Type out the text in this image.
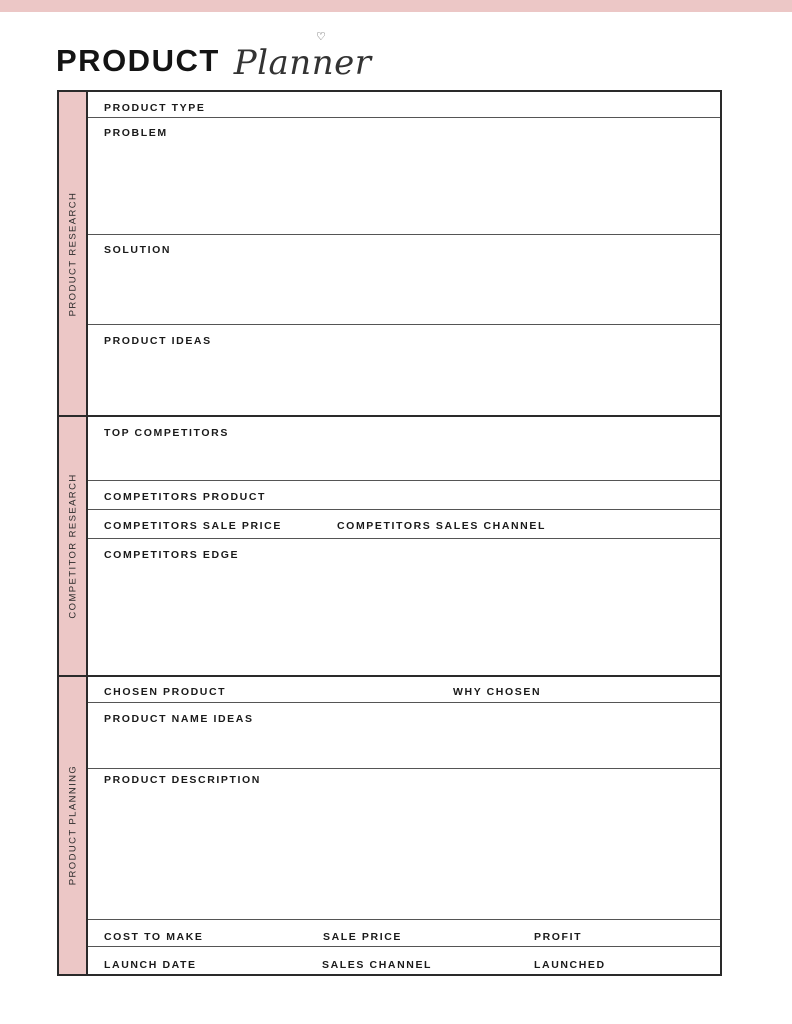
PRODUCT Planner
♡
PRODUCT RESEARCH
COMPETITOR RESEARCH
PRODUCT PLANNING
PRODUCT TYPE
PROBLEM
SOLUTION
PRODUCT IDEAS
TOP COMPETITORS
COMPETITORS PRODUCT
COMPETITORS SALE PRICE	COMPETITORS SALES CHANNEL
COMPETITORS EDGE
CHOSEN PRODUCT	WHY CHOSEN
PRODUCT NAME IDEAS
PRODUCT DESCRIPTION
COST TO MAKE	SALE PRICE	PROFIT
LAUNCH DATE	SALES CHANNEL	LAUNCHED
